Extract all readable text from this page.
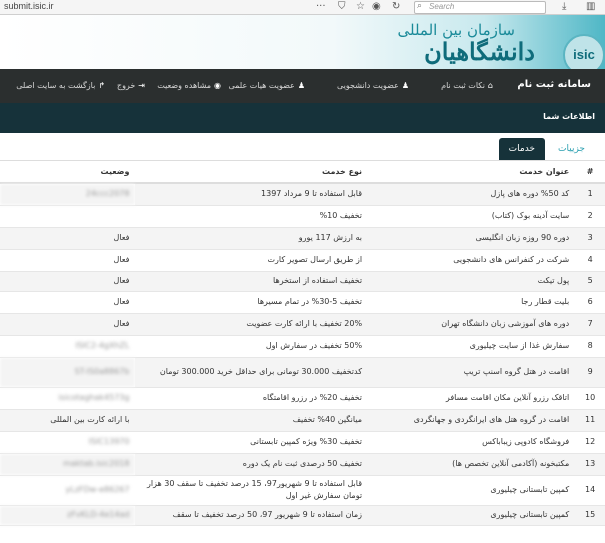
submit.isic.ir	··· ⛉ ☆ ◉ ↻ ⌕ Search	⤓ ▥
سازمان بین المللی
دانشگاهیان	isic
سامانه ثبت نام
⌂نکات ثبت نام
♟عضویت دانشجویی
♟عضویت هیات علمی
◉مشاهده وضعیت
⇥خروج
↱بازگشت به سایت اصلی
اطلاعات شما
خدمات	جزییات
#	عنوان خدمت	نوع خدمت	وضعیت
1	کد 50% دوره های پازل	قابل استفاده تا 9 مرداد 1397	24ccc2078
2	سایت آدینه بوک (کتاب)	تخفیف 10%	
3	دوره 90 روزه زبان انگلیسی	به ارزش 117 یورو	فعال
4	شرکت در کنفرانس های دانشجویی	از طریق ارسال تصویر کارت	فعال
5	پول تیکت	تخفیف استفاده از استخرها	فعال
6	بلیت قطار رجا	تخفیف 5-30% در تمام مسیرها	فعال
7	دوره های آموزشی زبان دانشگاه تهران	20% تخفیف با ارائه کارت عضویت	فعال
8	سفارش غذا از سایت چیلیوری	50% تخفیف در سفارش اول	ISIC2-4gXhZL
9	اقامت در هتل گروه اسنپ تریپ	کدتخفیف 30.000 تومانی برای حداقل خرید 300.000 تومان	ST-IS0a8867b
10	اتاقک رزرو آنلاین مکان اقامت مسافر	تخفیف 20% در رزرو اقامتگاه	isicotaghak4573g
11	اقامت در گروه هتل های ایرانگردی و جهانگردی	میانگین 40% تخفیف	با ارائه کارت بین المللی
12	فروشگاه کادوپی زیباباکس	تخفیف 30% ویژه کمپین تابستانی	ISIC13970
13	مکتبخونه (آکادمی آنلاین تخصص ها)	تخفیف 50 درصدی ثبت نام یک دوره	maktab.isic2018
14	کمپین تابستانی چیلیوری	قابل استفاده تا 9 شهریور97، 15 درصد تخفیف تا سقف 30 هزار تومان سفارش غیر اول	yLzFDw-e86267
15	کمپین تابستانی چیلیوری	زمان استفاده تا 9 شهریور 97، 50 درصد تخفیف تا سقف	zFvKLD-4e14ad
